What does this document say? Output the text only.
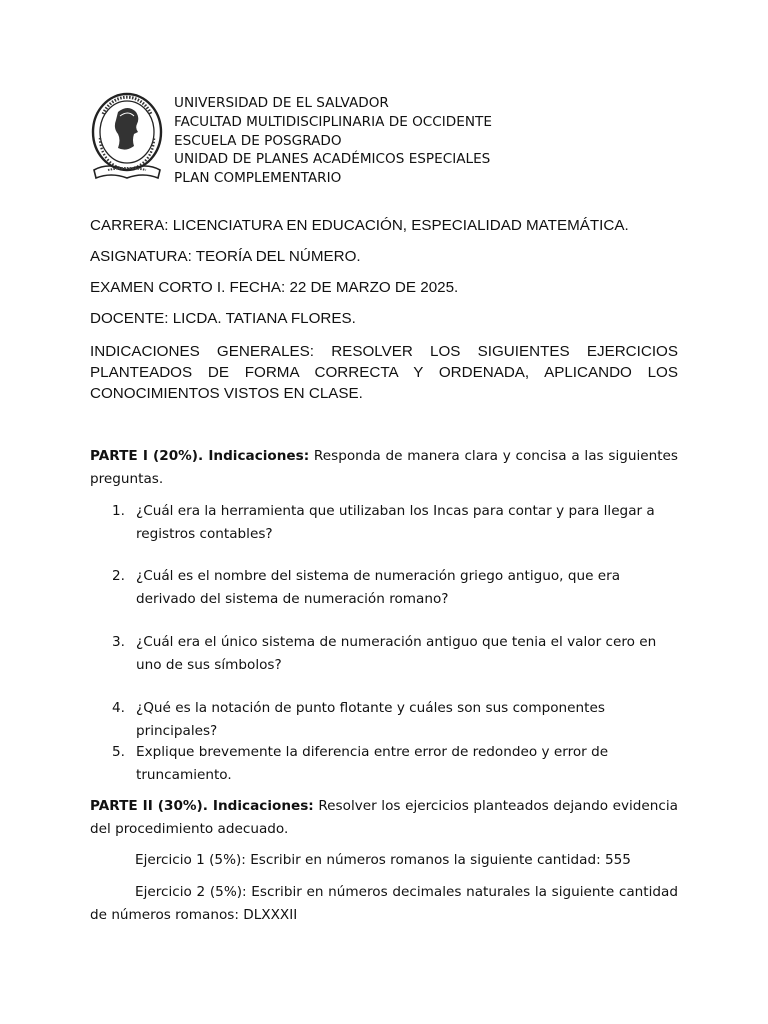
UNIVERSIDAD DE EL SALVADOR
FACULTAD MULTIDISCIPLINARIA DE OCCIDENTE
ESCUELA DE POSGRADO
UNIDAD DE PLANES ACADÉMICOS ESPECIALES
PLAN COMPLEMENTARIO
CARRERA: LICENCIATURA EN EDUCACIÓN, ESPECIALIDAD MATEMÁTICA.
ASIGNATURA: TEORÍA DEL NÚMERO.
EXAMEN CORTO I. FECHA: 22 DE MARZO DE 2025.
DOCENTE: LICDA. TATIANA FLORES.
INDICACIONES GENERALES: RESOLVER LOS SIGUIENTES EJERCICIOS PLANTEADOS DE FORMA CORRECTA Y ORDENADA, APLICANDO LOS CONOCIMIENTOS VISTOS EN CLASE.
PARTE I (20%). Indicaciones: Responda de manera clara y concisa a las siguientes preguntas.
1. ¿Cuál era la herramienta que utilizaban los Incas para contar y para llegar a registros contables?
2. ¿Cuál es el nombre del sistema de numeración griego antiguo, que era derivado del sistema de numeración romano?
3. ¿Cuál era el único sistema de numeración antiguo que tenia el valor cero en uno de sus símbolos?
4. ¿Qué es la notación de punto flotante y cuáles son sus componentes principales?
5. Explique brevemente la diferencia entre error de redondeo y error de truncamiento.
PARTE II (30%). Indicaciones: Resolver los ejercicios planteados dejando evidencia del procedimiento adecuado.
Ejercicio 1 (5%): Escribir en números romanos la siguiente cantidad: 555
Ejercicio 2 (5%): Escribir en números decimales naturales la siguiente cantidad de números romanos: DLXXXII
